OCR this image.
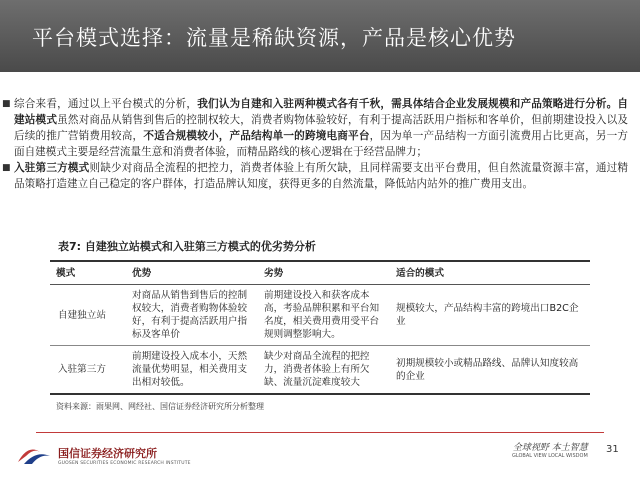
平台模式选择：流量是稀缺资源，产品是核心优势
■ 综合来看，通过以上平台模式的分析，我们认为自建和入驻两种模式各有千秋，需具体结合企业发展规模和产品策略进行分析。自建站模式虽然对商品从销售到售后的控制权较大，消费者购物体验较好，有利于提高活跃用户指标和客单价，但前期建设投入以及后续的推广营销费用较高，不适合规模较小，产品结构单一的跨境电商平台，因为单一产品结构一方面引流费用占比更高，另一方面自建模式主要是经营流量生意和消费者体验，而精品路线的核心逻辑在于经营品牌力；
■ 入驻第三方模式则缺少对商品全流程的把控力，消费者体验上有所欠缺，且同样需要支出平台费用，但自然流量资源丰富，通过精品策略打造建立自己稳定的客户群体，打造品牌认知度，获得更多的自然流量，降低站内站外的推广费用支出。
表7: 自建独立站模式和入驻第三方模式的优劣势分析
模式	优势	劣势	适合的模式
自建独立站	对商品从销售到售后的控制权较大，消费者购物体验较好，有利于提高活跃用户指标及客单价	前期建设投入和获客成本高，考验品牌积累和平台知名度，相关费用费用受平台规则调整影响大。	规模较大，产品结构丰富的跨境出口B2C企业
入驻第三方	前期建设投入成本小，天然流量优势明显，相关费用支出相对较低。	缺少对商品全流程的把控力，消费者体验上有所欠缺、流量沉淀难度较大	初期规模较小或精品路线、品牌认知度较高的企业
资料来源：雨果网、网经社、国信证券经济研究所分析整理
国信证券经济研究所
GUOSEN SECURITIES ECONOMIC RESEARCH INSTITUTE
全球视野 本土智慧
GLOBAL VIEW LOCAL WISDOM
31
